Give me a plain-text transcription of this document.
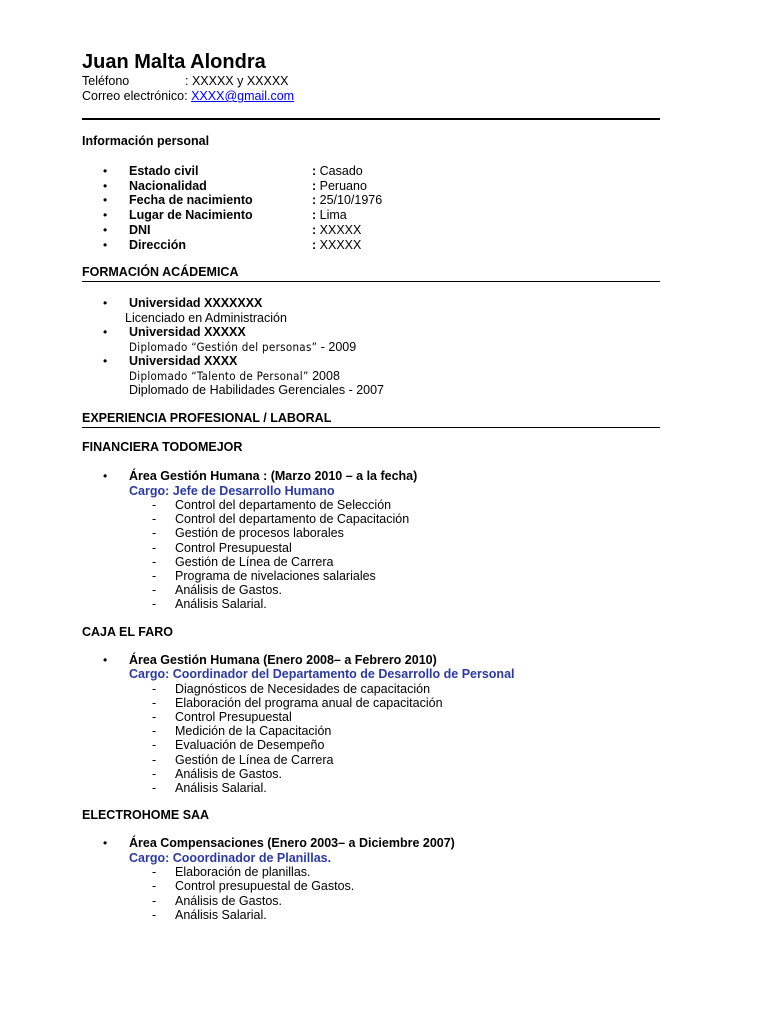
Juan Malta Alondra
Teléfono	: XXXXX y XXXXX
Correo electrónico: XXXX@gmail.com
Información personal
• Estado civil	: Casado
• Nacionalidad	: Peruano
• Fecha de nacimiento	: 25/10/1976
• Lugar de Nacimiento	: Lima
• DNI	: XXXXX
• Dirección	: XXXXX
FORMACIÓN ACÁDEMICA
• Universidad XXXXXXX
Licenciado en Administración
• Universidad XXXXX
Diplomado “Gestión del personas” - 2009
• Universidad XXXX
Diplomado “Talento de Personal” 2008
Diplomado de Habilidades Gerenciales - 2007
EXPERIENCIA PROFESIONAL / LABORAL
FINANCIERA TODOMEJOR
• Área Gestión Humana : (Marzo 2010 – a la fecha)
Cargo: Jefe de Desarrollo Humano
- Control del departamento de Selección
- Control del departamento de Capacitación
- Gestión de procesos laborales
- Control Presupuestal
- Gestión de Línea de Carrera
- Programa de nivelaciones salariales
- Análisis de Gastos.
- Análisis Salarial.
CAJA EL FARO
• Área Gestión Humana (Enero 2008– a Febrero 2010)
Cargo: Coordinador del Departamento de Desarrollo de Personal
- Diagnósticos de Necesidades de capacitación
- Elaboración del programa anual de capacitación
- Control Presupuestal
- Medición de la Capacitación
- Evaluación de Desempeño
- Gestión de Línea de Carrera
- Análisis de Gastos.
- Análisis Salarial.
ELECTROHOME SAA
• Área Compensaciones (Enero 2003– a Diciembre 2007)
Cargo: Cooordinador de Planillas.
- Elaboración de planillas.
- Control presupuestal de Gastos.
- Análisis de Gastos.
- Análisis Salarial.
